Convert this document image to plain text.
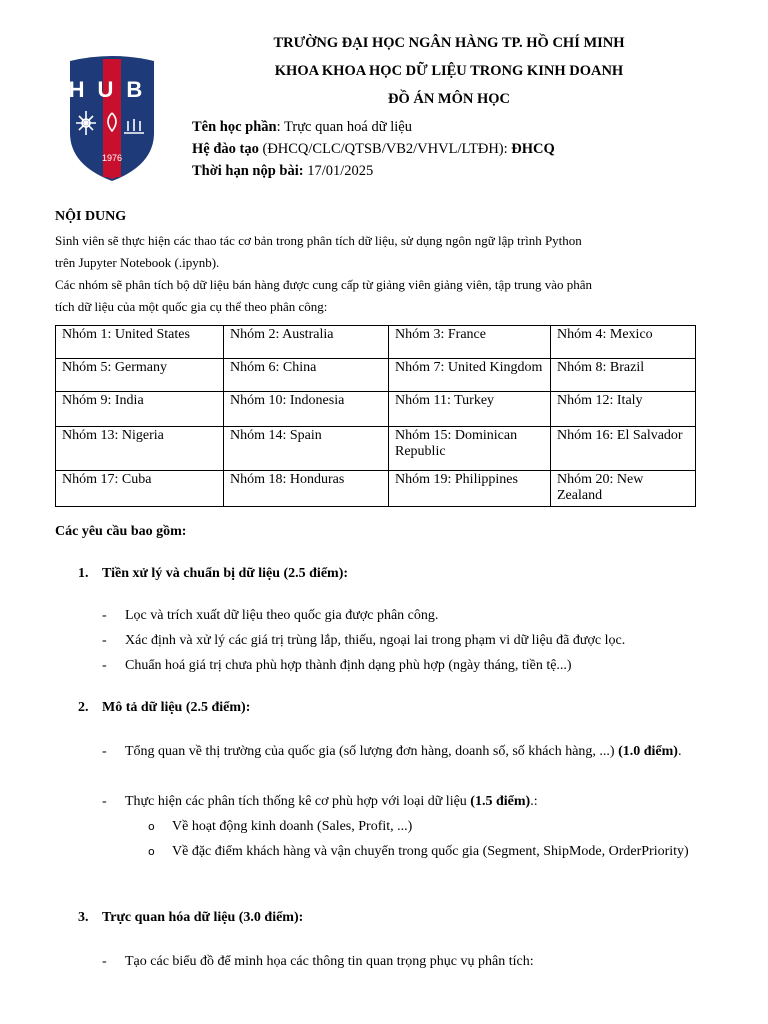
HUB
1976
TRƯỜNG ĐẠI HỌC NGÂN HÀNG TP. HỒ CHÍ MINH
KHOA KHOA HỌC DỮ LIỆU TRONG KINH DOANH
ĐỒ ÁN MÔN HỌC
Tên học phần: Trực quan hoá dữ liệu
Hệ đào tạo (ĐHCQ/CLC/QTSB/VB2/VHVL/LTĐH): ĐHCQ
Thời hạn nộp bài: 17/01/2025
NỘI DUNG
Sinh viên sẽ thực hiện các thao tác cơ bản trong phân tích dữ liệu, sử dụng ngôn ngữ lập trình Python
trên Jupyter Notebook (.ipynb).
Các nhóm sẽ phân tích bộ dữ liệu bán hàng được cung cấp từ giảng viên giảng viên, tập trung vào phân
tích dữ liệu của một quốc gia cụ thể theo phân công:
Nhóm 1: United States	Nhóm 2: Australia	Nhóm 3: France	Nhóm 4: Mexico
Nhóm 5: Germany	Nhóm 6: China	Nhóm 7: United Kingdom	Nhóm 8: Brazil
Nhóm 9: India	Nhóm 10: Indonesia	Nhóm 11: Turkey	Nhóm 12: Italy
Nhóm 13: Nigeria	Nhóm 14: Spain	Nhóm 15: Dominican Republic	Nhóm 16: El Salvador
Nhóm 17: Cuba	Nhóm 18: Honduras	Nhóm 19: Philippines	Nhóm 20: New Zealand
Các yêu cầu bao gồm:
1. Tiền xử lý và chuẩn bị dữ liệu (2.5 điểm):
- Lọc và trích xuất dữ liệu theo quốc gia được phân công.
- Xác định và xử lý các giá trị trùng lắp, thiếu, ngoại lai trong phạm vi dữ liệu đã được lọc.
- Chuẩn hoá giá trị chưa phù hợp thành định dạng phù hợp (ngày tháng, tiền tệ...)
2. Mô tả dữ liệu (2.5 điểm):
- Tổng quan về thị trường của quốc gia (số lượng đơn hàng, doanh số, số khách hàng, ...) (1.0 điểm).
- Thực hiện các phân tích thống kê cơ phù hợp với loại dữ liệu (1.5 điểm).:
o Về hoạt động kinh doanh (Sales, Profit, ...)
o Về đặc điểm khách hàng và vận chuyển trong quốc gia (Segment, ShipMode, OrderPriority)
3. Trực quan hóa dữ liệu (3.0 điểm):
- Tạo các biểu đồ để minh họa các thông tin quan trọng phục vụ phân tích:
